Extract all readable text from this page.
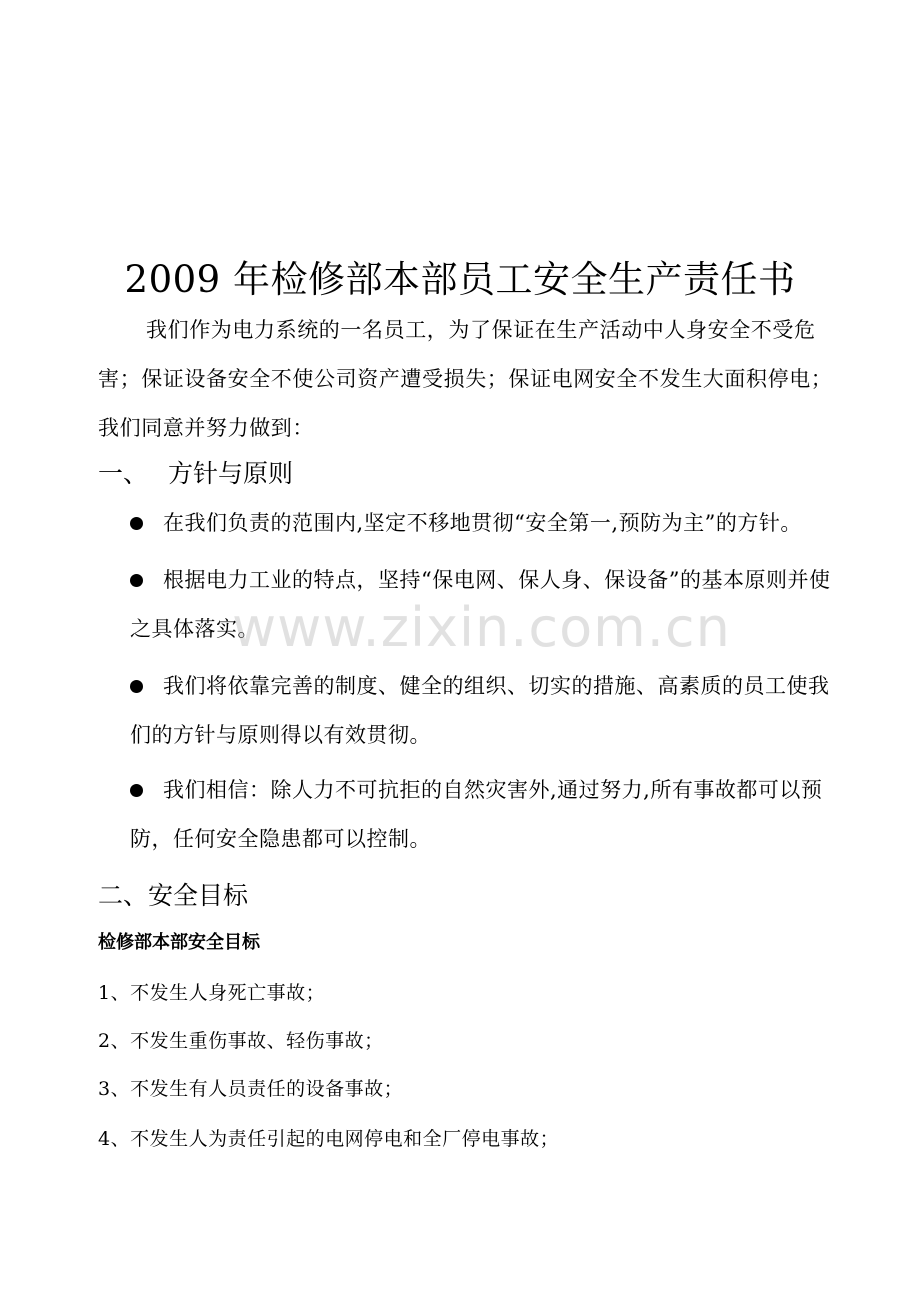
2009 年检修部本部员工安全生产责任书

我们作为电力系统的一名员工，为了保证在生产活动中人身安全不受危害；保证设备安全不使公司资产遭受损失；保证电网安全不发生大面积停电；我们同意并努力做到：

一、 方针与原则

在我们负责的范围内,坚定不移地贯彻“安全第一,预防为主”的方针。

根据电力工业的特点，坚持“保电网、保人身、保设备”的基本原则并使之具体落实。

我们将依靠完善的制度、健全的组织、切实的措施、高素质的员工使我们的方针与原则得以有效贯彻。

我们相信：除人力不可抗拒的自然灾害外,通过努力,所有事故都可以预防，任何安全隐患都可以控制。

二、安全目标

检修部本部安全目标

1、不发生人身死亡事故；

2、不发生重伤事故、轻伤事故；

3、不发生有人员责任的设备事故；

4、不发生人为责任引起的电网停电和全厂停电事故；

www.zixin.com.cn
